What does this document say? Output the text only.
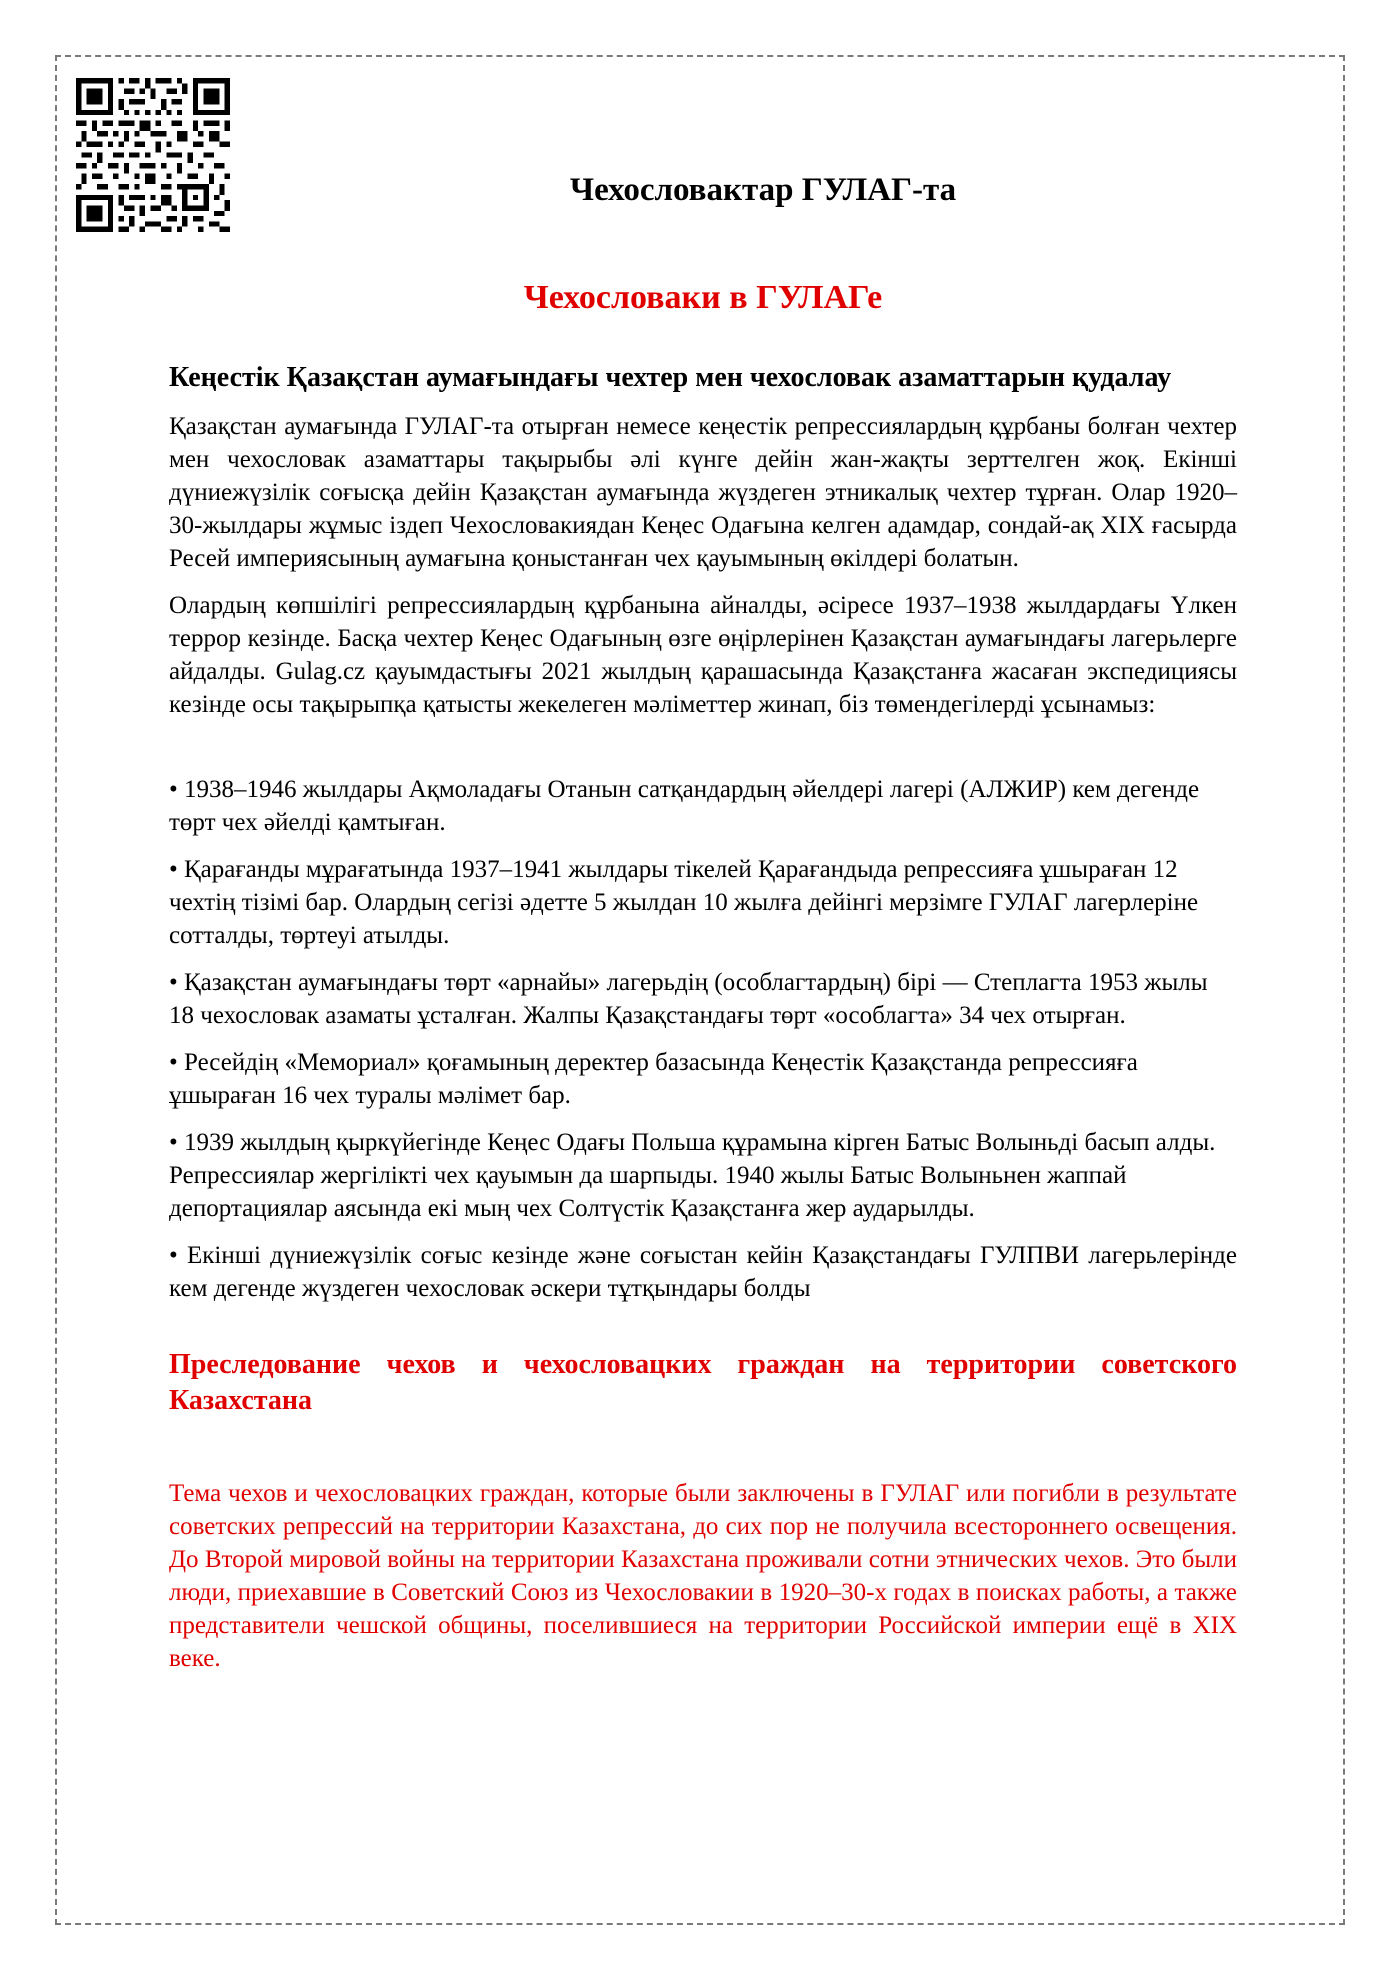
Чехословактар ГУЛАГ-та
Чехословаки в ГУЛАГе
Кеңестік Қазақстан аумағындағы чехтер мен чехословак азаматтарын қудалау

Қазақстан аумағында ГУЛАГ-та отырған немесе кеңестік репрессиялардың құрбаны болған чехтер мен чехословак азаматтары тақырыбы әлі күнге дейін жан-жақты зерттелген жоқ. Екінші дүниежүзілік соғысқа дейін Қазақстан аумағында жүздеген этникалық чехтер тұрған. Олар 1920–30-жылдары жұмыс іздеп Чехословакиядан Кеңес Одағына келген адамдар, сондай-ақ XIX ғасырда Ресей империясының аумағына қоныстанған чех қауымының өкілдері болатын.

Олардың көпшілігі репрессиялардың құрбанына айналды, әсіресе 1937–1938 жылдардағы Үлкен террор кезінде. Басқа чехтер Кеңес Одағының өзге өңірлерінен Қазақстан аумағындағы лагерьлерге айдалды. Gulag.cz қауымдастығы 2021 жылдың қарашасында Қазақстанға жасаған экспедициясы кезінде осы тақырыпқа қатысты жекелеген мәліметтер жинап, біз төмендегілерді ұсынамыз:

• 1938–1946 жылдары Ақмоладағы Отанын сатқандардың әйелдері лагері (АЛЖИР) кем дегенде төрт чех әйелді қамтыған.

• Қарағанды мұрағатында 1937–1941 жылдары тікелей Қарағандыда репрессияға ұшыраған 12 чехтің тізімі бар. Олардың сегізі әдетте 5 жылдан 10 жылға дейінгі мерзімге ГУЛАГ лагерлеріне сотталды, төртеуі атылды.

• Қазақстан аумағындағы төрт «арнайы» лагерьдің (особлагтардың) бірі — Степлагта 1953 жылы 18 чехословак азаматы ұсталған. Жалпы Қазақстандағы төрт «особлагта» 34 чех отырған.

• Ресейдің «Мемориал» қоғамының деректер базасында Кеңестік Қазақстанда репрессияға ұшыраған 16 чех туралы мәлімет бар.

• 1939 жылдың қыркүйегінде Кеңес Одағы Польша құрамына кірген Батыс Волыньді басып алды. Репрессиялар жергілікті чех қауымын да шарпыды. 1940 жылы Батыс Волыньнен жаппай депортациялар аясында екі мың чех Солтүстік Қазақстанға жер аударылды.

• Екінші дүниежүзілік соғыс кезінде және соғыстан кейін Қазақстандағы ГУЛПВИ лагерьлерінде кем дегенде жүздеген чехословак әскери тұтқындары болды

Преследование чехов и чехословацких граждан на территории советского Казахстана

Тема чехов и чехословацких граждан, которые были заключены в ГУЛАГ или погибли в результате советских репрессий на территории Казахстана, до сих пор не получила всестороннего освещения. До Второй мировой войны на территории Казахстана проживали сотни этнических чехов. Это были люди, приехавшие в Советский Союз из Чехословакии в 1920–30-х годах в поисках работы, а также представители чешской общины, поселившиеся на территории Российской империи ещё в XIX веке.
